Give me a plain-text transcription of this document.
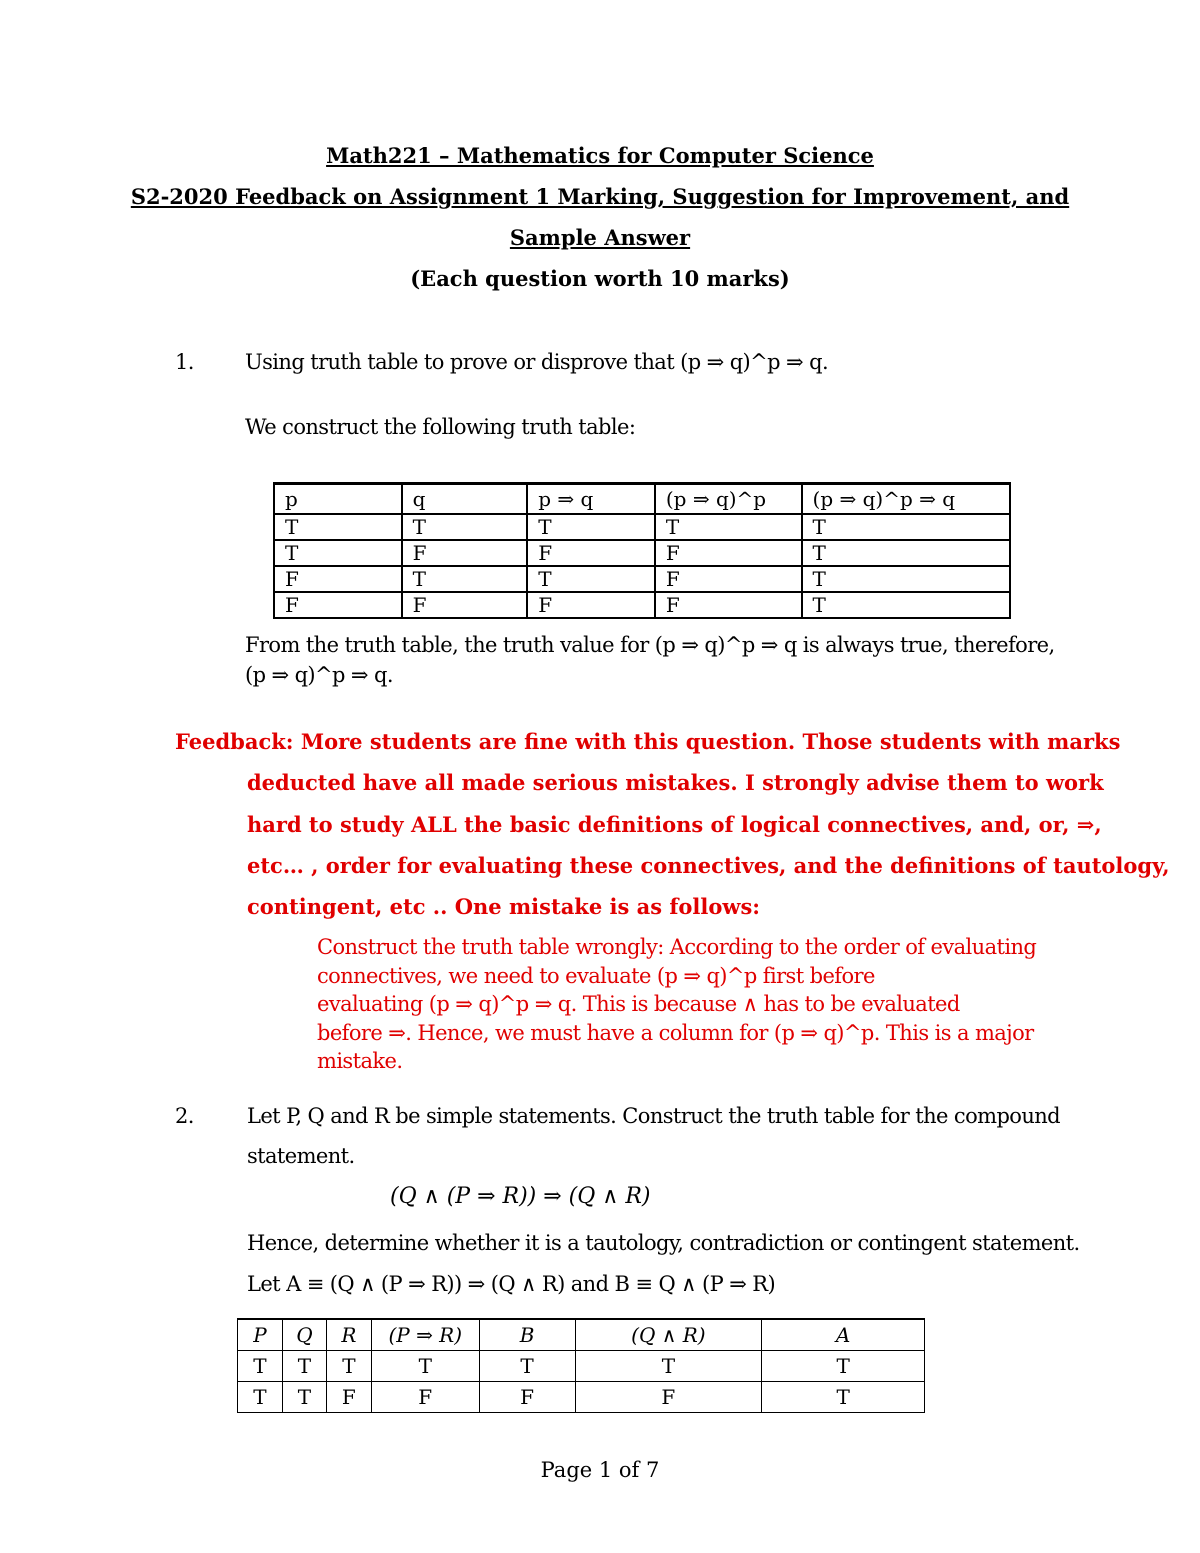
Math221 – Mathematics for Computer Science
S2-2020 Feedback on Assignment 1 Marking, Suggestion for Improvement, and
Sample Answer
(Each question worth 10 marks)
1. Using truth table to prove or disprove that (p ⇒ q)^p ⇒ q.
We construct the following truth table:
p	q	p ⇒ q	(p ⇒ q)^p	(p ⇒ q)^p ⇒ q
T	T	T	T	T
T	F	F	F	T
F	T	T	F	T
F	F	F	F	T
From the truth table, the truth value for (p ⇒ q)^p ⇒ q is always true, therefore,
(p ⇒ q)^p ⇒ q.
Feedback: More students are fine with this question. Those students with marks
deducted have all made serious mistakes. I strongly advise them to work
hard to study ALL the basic definitions of logical connectives, and, or, ⇒,
etc… , order for evaluating these connectives, and the definitions of tautology,
contingent, etc .. One mistake is as follows:
Construct the truth table wrongly: According to the order of evaluating
connectives, we need to evaluate (p ⇒ q)^p first before
evaluating (p ⇒ q)^p ⇒ q. This is because ∧ has to be evaluated
before ⇒. Hence, we must have a column for (p ⇒ q)^p. This is a major
mistake.
2.	Let P, Q and R be simple statements. Construct the truth table for the compound
statement.
(Q ∧ (P ⇒ R)) ⇒ (Q ∧ R)
Hence, determine whether it is a tautology, contradiction or contingent statement.
Let A ≡ (Q ∧ (P ⇒ R)) ⇒ (Q ∧ R) and B ≡ Q ∧ (P ⇒ R)
P	Q	R	(P ⇒ R)	B	(Q ∧ R)	A
T	T	T	T	T	T	T
T	T	F	F	F	F	T
Page 1 of 7
